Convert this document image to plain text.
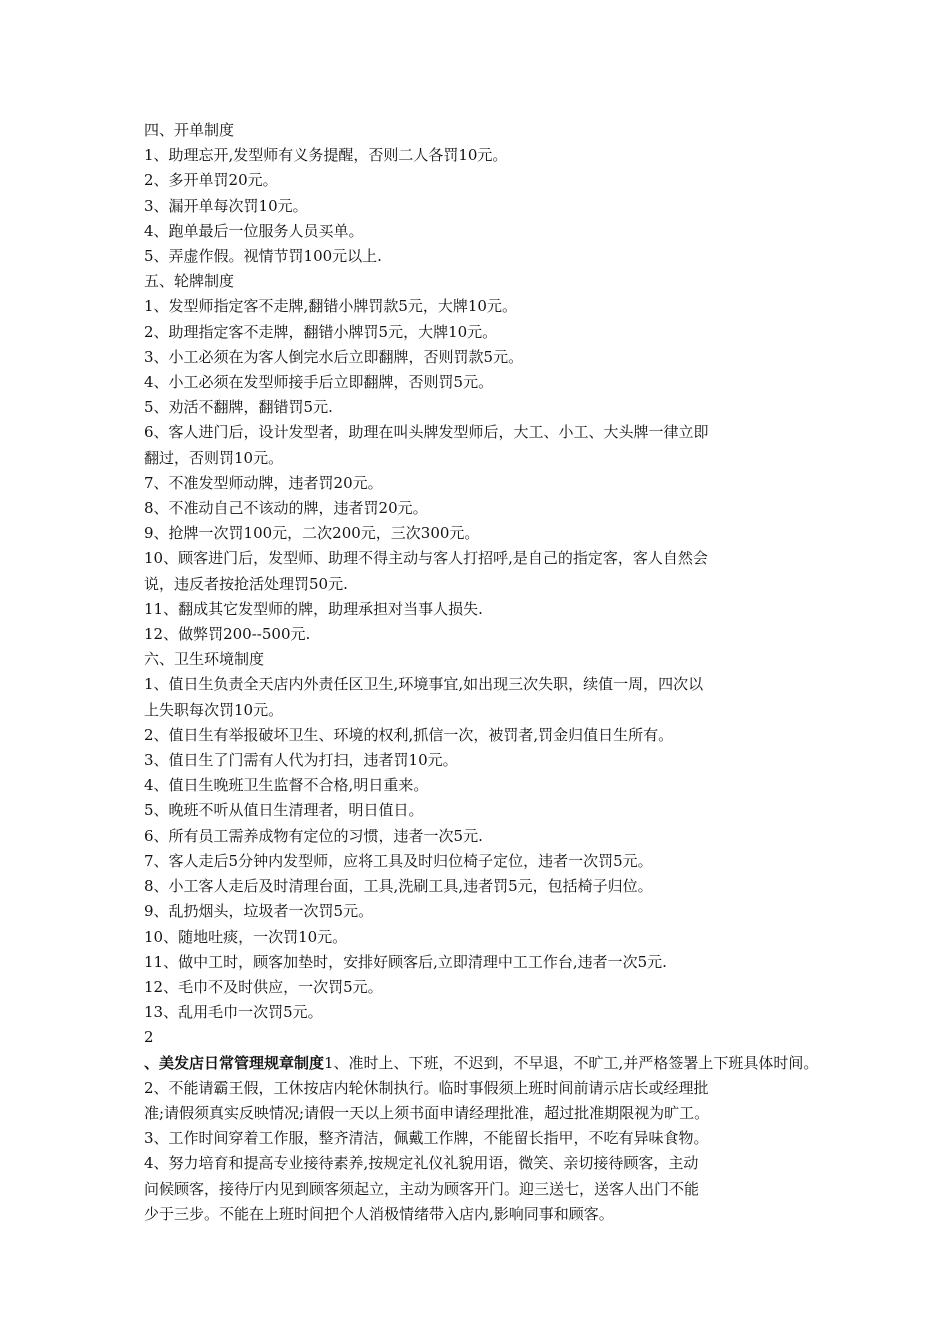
四、开单制度
1、助理忘开,发型师有义务提醒，否则二人各罚10元。
2、多开单罚20元。
3、漏开单每次罚10元。
4、跑单最后一位服务人员买单。
5、弄虚作假。视情节罚100元以上.
五、轮牌制度
1、发型师指定客不走牌,翻错小牌罚款5元，大牌10元。
2、助理指定客不走牌，翻错小牌罚5元，大牌10元。
3、小工必须在为客人倒完水后立即翻牌，否则罚款5元。
4、小工必须在发型师接手后立即翻牌，否则罚5元。
5、劝活不翻牌，翻错罚5元.
6、客人进门后，设计发型者，助理在叫头牌发型师后，大工、小工、大头牌一律立即
翻过，否则罚10元。
7、不准发型师动牌，违者罚20元。
8、不准动自己不该动的牌，违者罚20元。
9、抢牌一次罚100元，二次200元，三次300元。
10、顾客进门后，发型师、助理不得主动与客人打招呼,是自己的指定客，客人自然会
说，违反者按抢活处理罚50元.
11、翻成其它发型师的牌，助理承担对当事人损失.
12、做弊罚200--500元.
六、卫生环境制度
1、值日生负责全天店内外责任区卫生,环境事宜,如出现三次失职，续值一周，四次以
上失职每次罚10元。
2、值日生有举报破坏卫生、环境的权利,抓信一次，被罚者,罚金归值日生所有。
3、值日生了门需有人代为打扫，违者罚10元。
4、值日生晚班卫生监督不合格,明日重来。
5、晚班不听从值日生清理者，明日值日。
6、所有员工需养成物有定位的习惯，违者一次5元.
7、客人走后5分钟内发型师，应将工具及时归位椅子定位，违者一次罚5元。
8、小工客人走后及时清理台面，工具,洗刷工具,违者罚5元，包括椅子归位。
9、乱扔烟头，垃圾者一次罚5元。
10、随地吐痰，一次罚10元。
11、做中工时，顾客加垫时，安排好顾客后,立即清理中工工作台,违者一次5元.
12、毛巾不及时供应，一次罚5元。
13、乱用毛巾一次罚5元。
2
、美发店日常管理规章制度1、准时上、下班，不迟到，不早退，不旷工,并严格签署上下班具体时间。
2、不能请霸王假，工休按店内轮休制执行。临时事假须上班时间前请示店长或经理批
准;请假须真实反映情况;请假一天以上须书面申请经理批准，超过批准期限视为旷工。
3、工作时间穿着工作服，整齐清洁，佩戴工作牌，不能留长指甲，不吃有异味食物。
4、努力培育和提高专业接待素养,按规定礼仪礼貌用语，微笑、亲切接待顾客，主动
问候顾客，接待厅内见到顾客须起立，主动为顾客开门。迎三送七，送客人出门不能
少于三步。不能在上班时间把个人消极情绪带入店内,影响同事和顾客。
